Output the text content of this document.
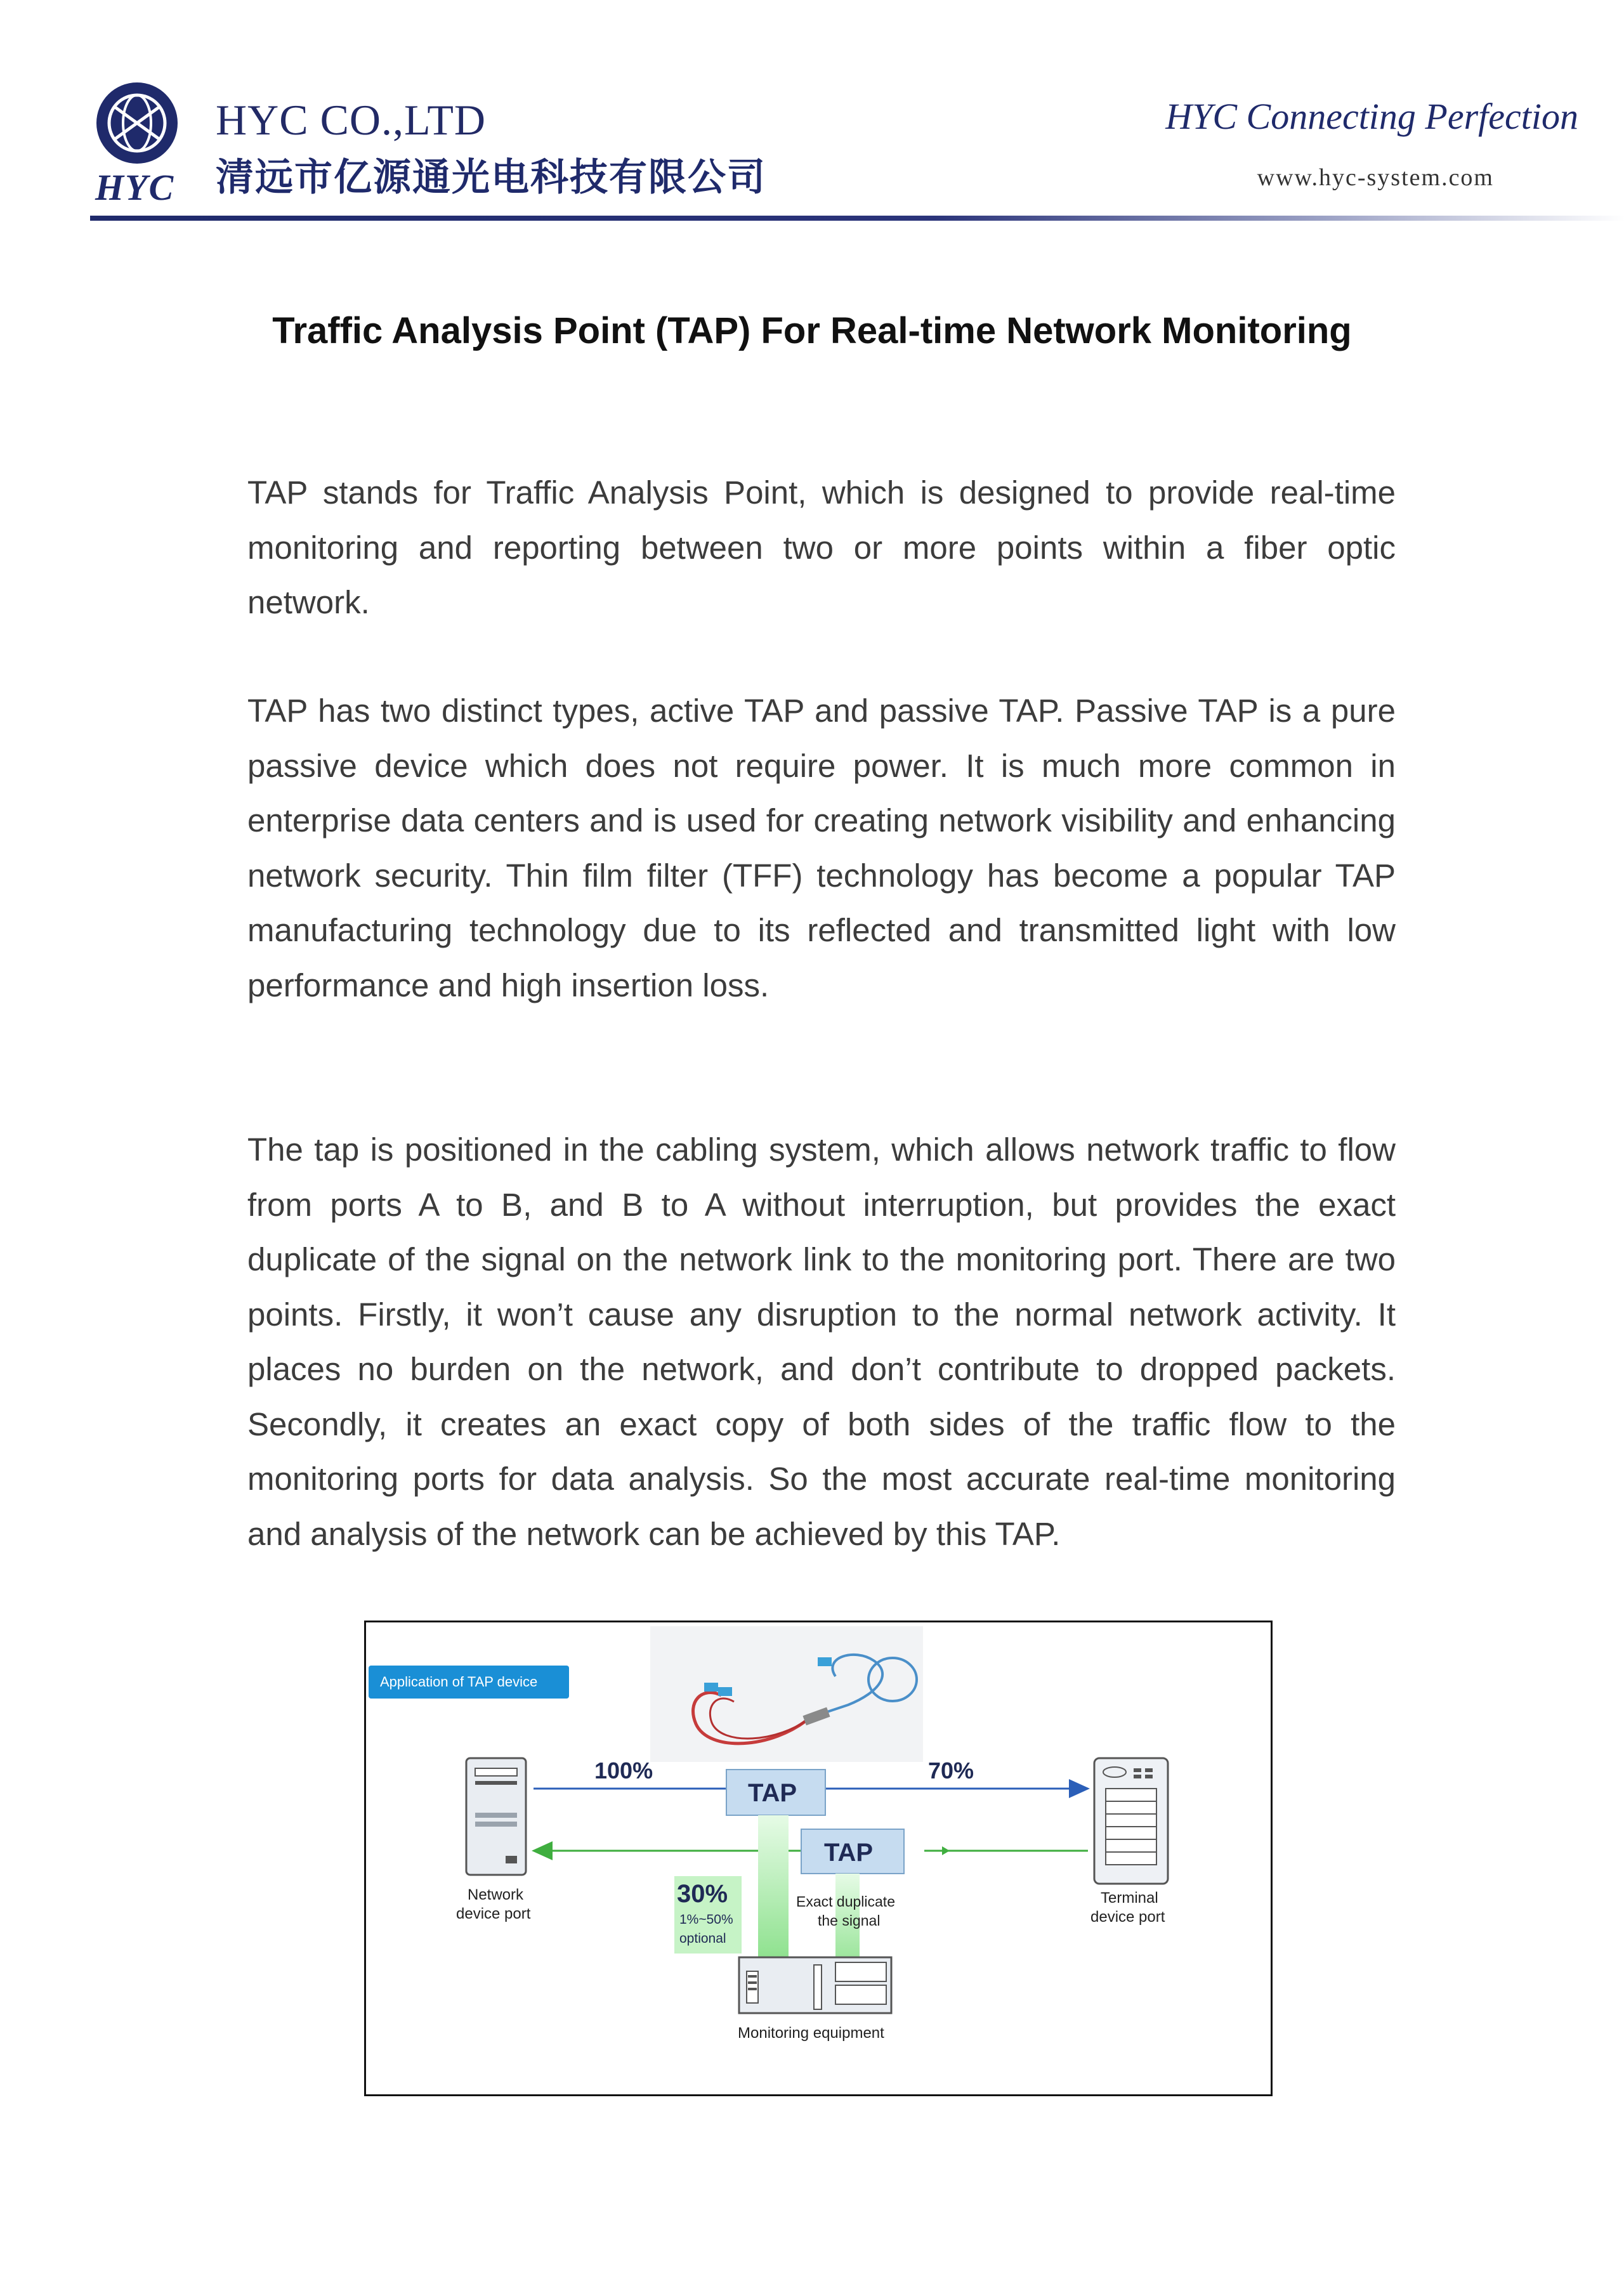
HYC
HYC CO.,LTD
清远市亿源通光电科技有限公司
HYC Connecting Perfection
www.hyc-system.com
Traffic Analysis Point (TAP) For Real-time Network Monitoring

TAP stands for Traffic Analysis Point, which is designed to provide real-time monitoring and reporting between two or more points within a fiber optic network.

TAP has two distinct types, active TAP and passive TAP. Passive TAP is a pure passive device which does not require power. It is much more common in enterprise data centers and is used for creating network visibility and enhancing network security. Thin film filter (TFF) technology has become a popular TAP manufacturing technology due to its reflected and transmitted light with low performance and high insertion loss.

The tap is positioned in the cabling system, which allows network traffic to flow from ports A to B, and B to A without interruption, but provides the exact duplicate of the signal on the network link to the monitoring port. There are two points. Firstly, it won’t cause any disruption to the normal network activity. It places no burden on the network, and don’t contribute to dropped packets. Secondly, it creates an exact copy of both sides of the traffic flow to the monitoring ports for data analysis. So the most accurate real-time monitoring and analysis of the network can be achieved by this TAP.

Application of TAP device
Network
device port
Terminal
device port
100%	70%
TAP
TAP
30%
1%~50%
optional
Exact duplicate
the signal
Monitoring equipment
